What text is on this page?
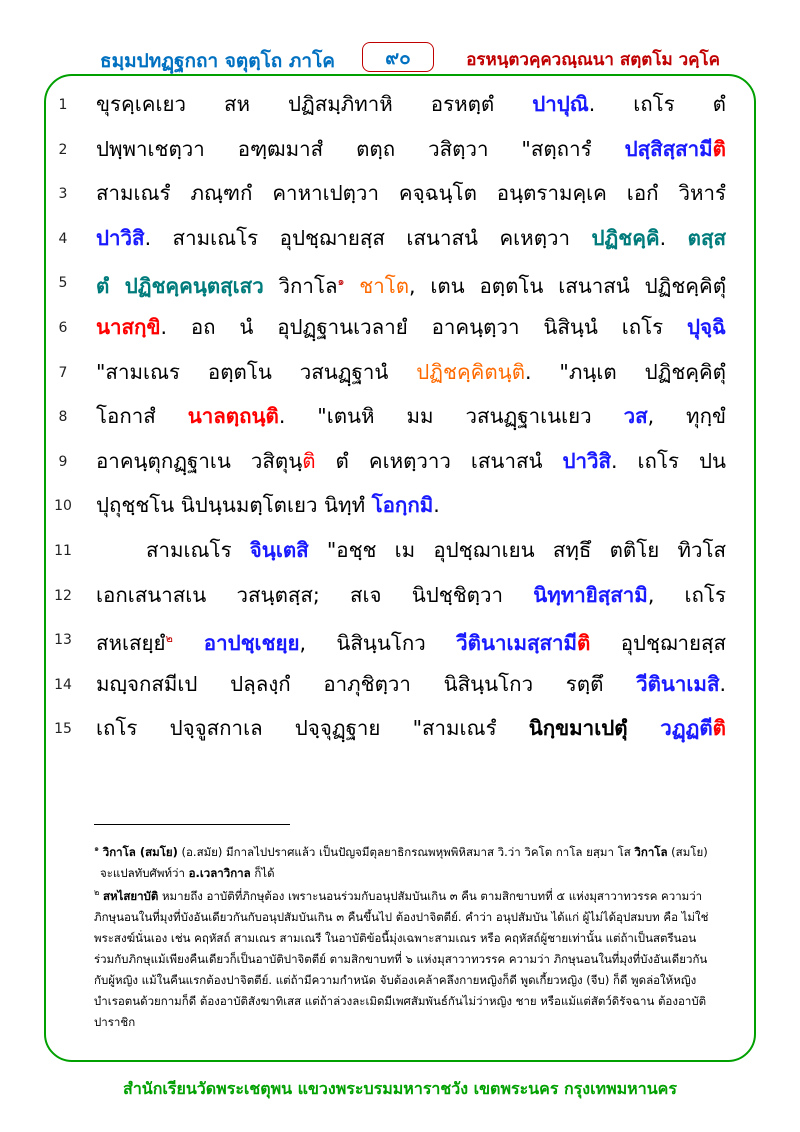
ธมฺมปทฏฺฐกถา จตุตฺโถ ภาโค	๙๐	อรหนฺตวคฺควณฺณนา สตฺตโม วคฺโค
1	ขุรคฺเคเยว สห ปฏิสมฺภิทาหิ อรหตฺตํ ปาปุณิ. เถโร ตํ
2	ปพฺพาเชตฺวา อฑฺฒมาสํ ตตฺถ วสิตฺวา "สตฺถารํ ปสฺสิสฺสามีติ
3	สามเณรํ ภณฺฑกํ คาหาเปตฺวา คจฺฉนฺโต อนฺตรามคฺเค เอกํ วิหารํ
4	ปาวิสิ. สามเณโร อุปชฺฌายสฺส เสนาสนํ คเหตฺวา ปฏิชคฺคิ. ตสฺส
5	ตํ ปฏิชคฺคนฺตสฺเสว วิกาโล$^๑$ ชาโต, เตน อตฺตโน เสนาสนํ ปฏิชคฺคิตุํ
6	นาสกฺขิ. อถ นํ อุปฏฺฐานเวลายํ อาคนฺตฺวา นิสินฺนํ เถโร ปุจฺฉิ
7	"สามเณร อตฺตโน วสนฏฺฐานํ ปฏิชคฺคิตนฺติ. "ภนฺเต ปฏิชคฺคิตุํ
8	โอกาสํ นาลตฺถนฺติ. "เตนหิ มม วสนฏฺฐาเนเยว วส, ทุกฺขํ
9	อาคนฺตุกฏฺฐาเน วสิตุนฺติ ตํ คเหตฺวาว เสนาสนํ ปาวิสิ. เถโร ปน
10 ปุถุชฺชโน นิปนฺนมตฺโตเยว นิทฺทํ โอกฺกมิ.
11	สามเณโร จินฺเตสิ "อชฺช เม อุปชฺฌาเยน สทฺธึ ตติโย ทิวโส
12 เอกเสนาสเน วสนฺตสฺส; สเจ นิปชฺชิตฺวา นิทฺทายิสฺสามิ, เถโร
13 สหเสยฺยํ$^๒$ อาปชฺเชยฺย, นิสินฺนโกว วีตินาเมสฺสามีติ อุปชฺฌายสฺส
14 มญฺจกสมีเป ปลฺลงฺกํ อาภุชิตฺวา นิสินฺนโกว รตฺตึ วีตินาเมสิ.
15 เถโร ปจฺจูสกาเล ปจฺจุฏฺฐาย "สามเณรํ นิกฺขมาเปตุํ วฏฺฏตีติ
$^๑$ วิกาโล (สมโย) (อ.สมัย) มีกาลไปปราศแล้ว เป็นปัญจมีตุลยาธิกรณพหุพพิหิสมาส วิ.ว่า วิคโต กาโล ยสฺมา โส วิกาโล (สมโย)
จะแปลทับศัพท์ว่า อ.เวลาวิกาล ก็ได้
$^๒$ สหไสยาบัติ หมายถึง อาบัติที่ภิกษุต้อง เพราะนอนร่วมกับอนุปสัมบันเกิน ๓ คืน ตามสิกขาบทที่ ๕ แห่งมุสาวาทวรรค ความว่า
ภิกษุนอนในที่มุงที่บังอันเดียวกันกับอนุปสัมบันเกิน ๓ คืนขึ้นไป ต้องปาจิตตีย์. คำว่า อนุปสัมบัน ได้แก่ ผู้ไม่ได้อุปสมบท คือ ไม่ใช่
พระสงฆ์นั่นเอง เช่น คฤหัสถ์ สามเณร สามเณรี ในอาบัติข้อนี้มุ่งเฉพาะสามเณร หรือ คฤหัสถ์ผู้ชายเท่านั้น แต่ถ้าเป็นสตรีนอน
ร่วมกับภิกษุแม้เพียงคืนเดียวก็เป็นอาบัติปาจิตตีย์ ตามสิกขาบทที่ ๖ แห่งมุสาวาทวรรค ความว่า ภิกษุนอนในที่มุงที่บังอันเดียวกัน
กับผู้หญิง แม้ในคืนแรกต้องปาจิตตีย์. แต่ถ้ามีความกำหนัด จับต้องเคล้าคลึงกายหญิงก็ดี พูดเกี้ยวหญิง (จีบ) ก็ดี พูดล่อให้หญิง
บำเรอตนด้วยกามก็ดี ต้องอาบัติสังฆาทิเสส แต่ถ้าล่วงละเมิดมีเพศสัมพันธ์กันไม่ว่าหญิง ชาย หรือแม้แต่สัตว์ดิรัจฉาน ต้องอาบัติ
ปาราชิก
สำนักเรียนวัดพระเชตุพน แขวงพระบรมมหาราชวัง เขตพระนคร กรุงเทพมหานคร
